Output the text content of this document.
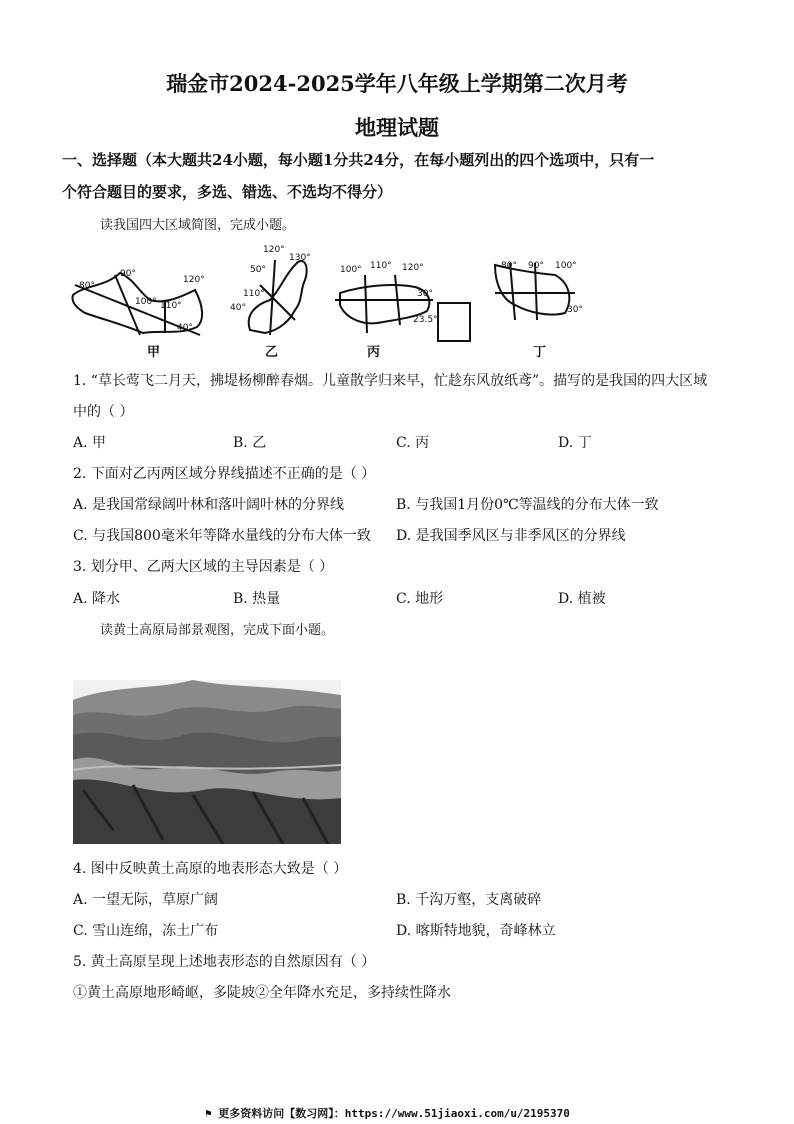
瑞金市2024-2025学年八年级上学期第二次月考
地理试题
一、选择题（本大题共24小题，每小题1分共24分，在每小题列出的四个选项中，只有一
个符合题目的要求，多选、错选、不选均不得分）
读我国四大区域简图，完成小题。
80°
90°
100° 110°
120°
40°
120°
130°
50°
110°
40°
100° 110° 120°
30°
23.5°
80° 90° 100°
30°
甲	乙	丙	丁
1. “草长莺飞二月天，拂堤杨柳醉春烟。儿童散学归来早，忙趁东风放纸鸢”。描写的是我国的四大区域
中的（ ）
A. 甲	B. 乙	C. 丙	D. 丁
2. 下面对乙丙两区域分界线描述不正确的是（ ）
A. 是我国常绿阔叶林和落叶阔叶林的分界线	B. 与我国1月份0℃等温线的分布大体一致
C. 与我国800毫米年等降水量线的分布大体一致 D. 是我国季风区与非季风区的分界线
3. 划分甲、乙两大区域的主导因素是（ ）
A. 降水	B. 热量	C. 地形	D. 植被
读黄土高原局部景观图，完成下面小题。
4. 图中反映黄土高原的地表形态大致是（ ）
A. 一望无际，草原广阔	B. 千沟万壑，支离破碎
C. 雪山连绵，冻土广布	D. 喀斯特地貌，奇峰林立
5. 黄土高原呈现上述地表形态的自然原因有（ ）
①黄土高原地形崎岖，多陡坡②全年降水充足，多持续性降水
⚑ 更多资料访问【数习网】：https://www.51jiaoxi.com/u/2195370
